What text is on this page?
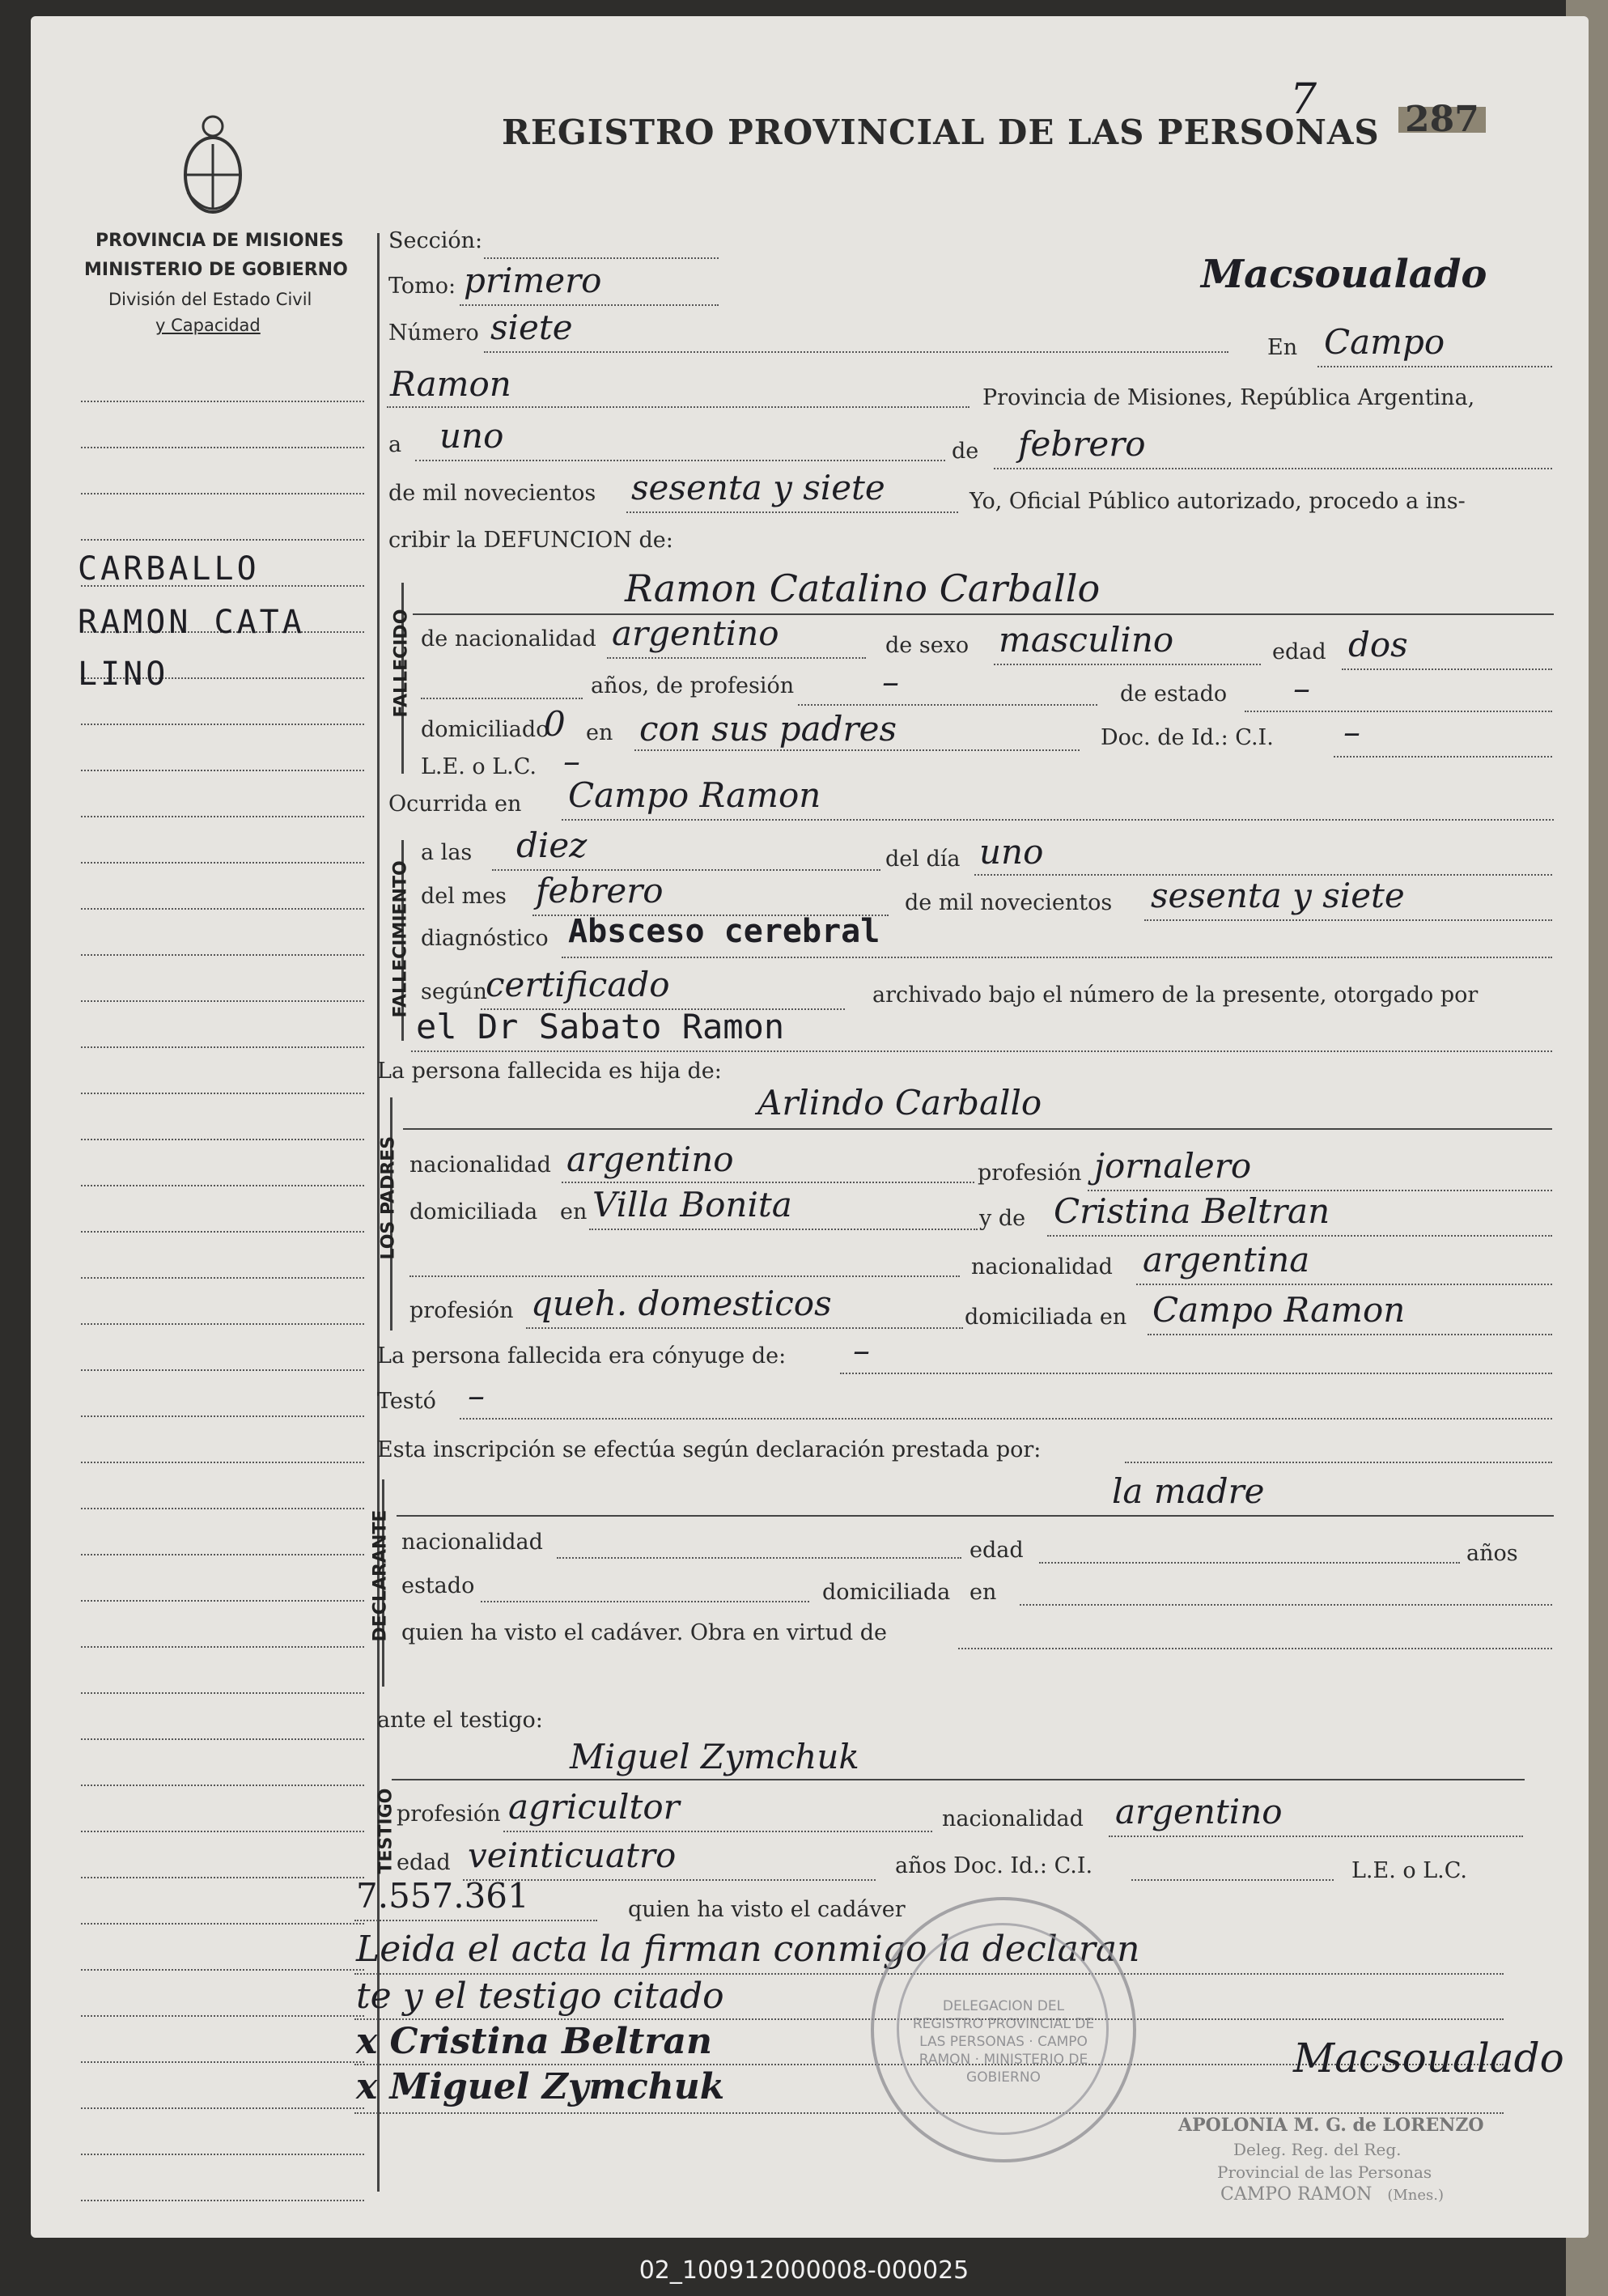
PROVINCIA DE MISIONES
MINISTERIO DE GOBIERNO
División del Estado Civil
y Capacidad
REGISTRO PROVINCIAL DE LAS PERSONAS 287
7
Macsoualado
CARBALLO
RAMON CATA
LINO
Sección:
Tomo: primero
Número siete
En Campo
Ramon	Provincia de Misiones, República Argentina,
a uno	de febrero
de mil novecientos sesenta y siete	Yo, Oficial Público autorizado, procedo a ins-
cribir la DEFUNCION de:
FALLECIDO
Ramon Catalino Carballo
de nacionalidad argentino	de sexo masculino	edad dos
años, de profesión	–	de estado –
domiciliado
0 en con sus padres	Doc. de Id.: C.I. –
L.E. o L.C. –
Ocurrida en Campo Ramon
FALLECIMIENTO
a las diez	del día uno
del mes febrero	de mil novecientos sesenta y siete
diagnóstico Absceso cerebral
según
certificado	archivado bajo el número de la presente, otorgado por
el Dr Sabato Ramon
La persona fallecida es hija de:
LOS PADRES
Arlindo Carballo
nacionalidad argentino	profesión jornalero
domiciliada en Villa Bonita	y de Cristina Beltran
nacionalidad argentina
profesión queh. domesticos	domiciliada en Campo Ramon
La persona fallecida era cónyuge de: –
Testó –
Esta inscripción se efectúa según declaración prestada por:
DECLARANTE
la madre
nacionalidad	edad	años
estado	domiciliada en
quien ha visto el cadáver. Obra en virtud de
ante el testigo:
TESTIGO
Miguel Zymchuk
profesión agricultor	nacionalidad argentino
edad veinticuatro	años Doc. Id.: C.I.	L.E. o L.C.
7.557.361	quien ha visto el cadáver
Leida el acta la firman conmigo la declaran
te y el testigo citado
x Cristina Beltran
x Miguel Zymchuk
DELEGACION DEL REGISTRO PROVINCIAL DE LAS PERSONAS · CAMPO RAMON · MINISTERIO DE GOBIERNO	Macsoualado
APOLONIA M. G. de LORENZO
Deleg. Reg. del Reg.
Provincial de las Personas
CAMPO RAMON (Mnes.)
02_100912000008-000025
